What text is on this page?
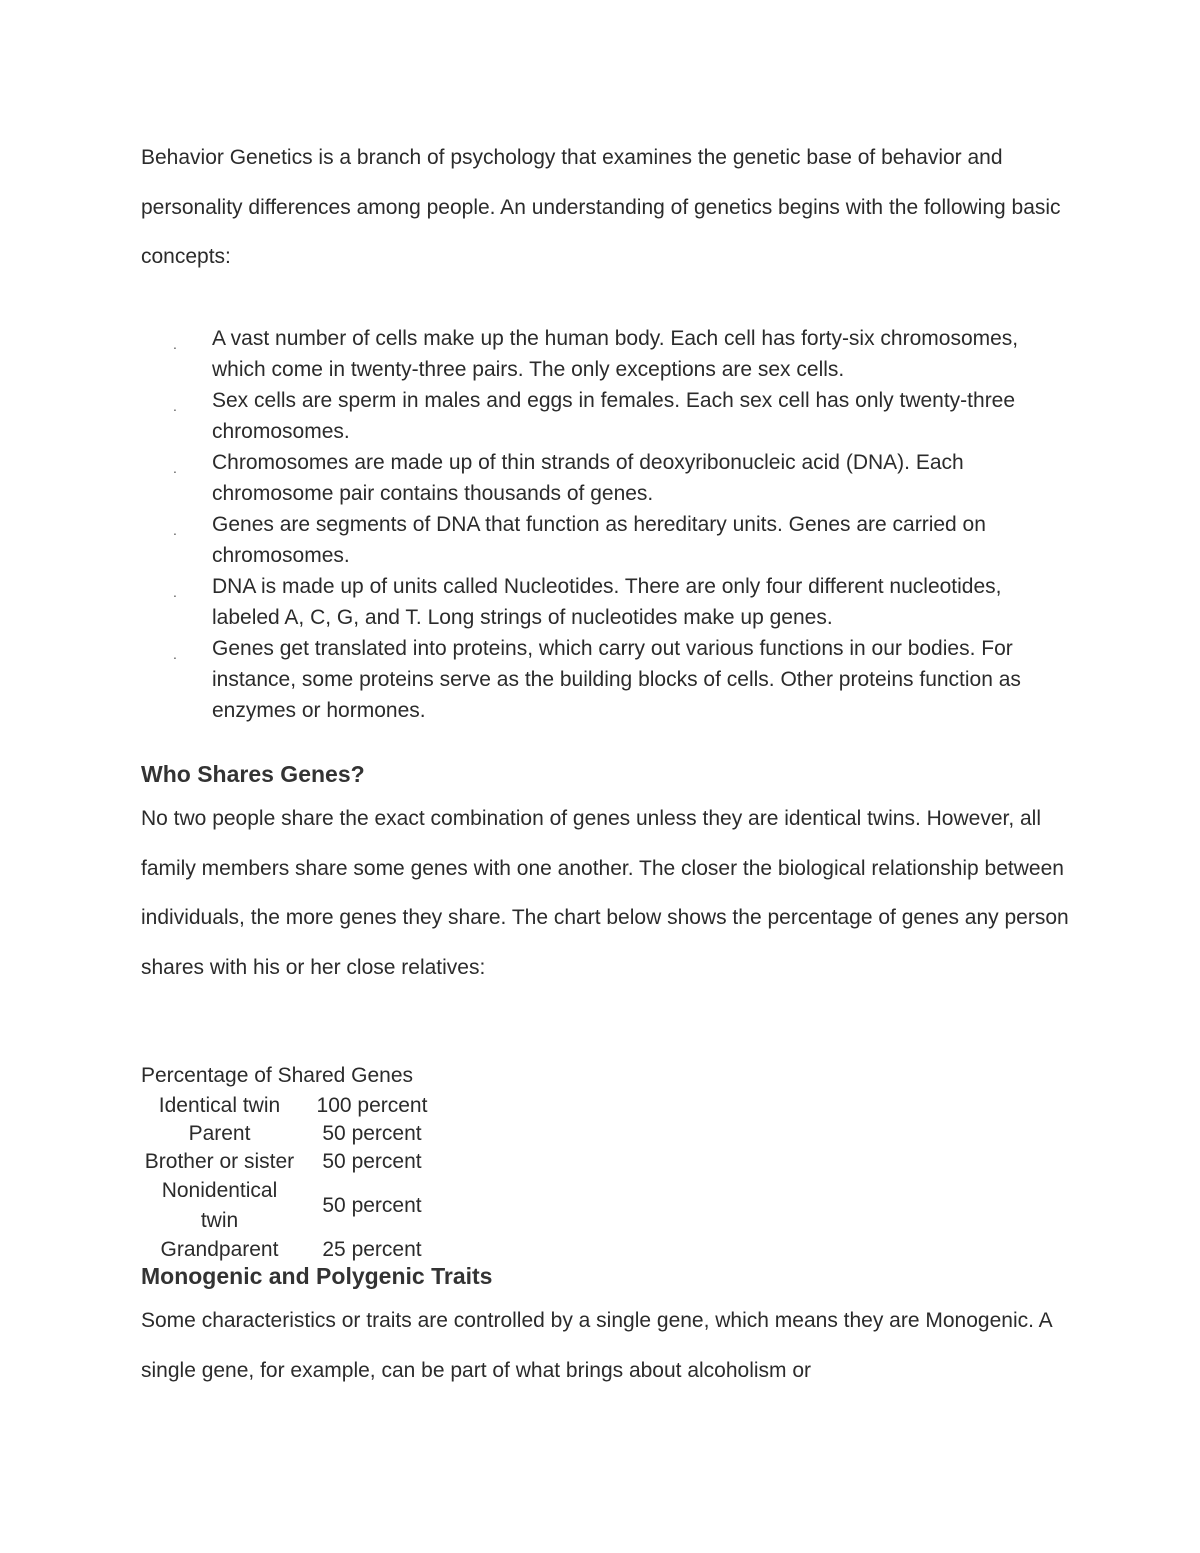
Behavior Genetics is a branch of psychology that examines the genetic base of behavior and personality differences among people. An understanding of genetics begins with the following basic concepts:

. A vast number of cells make up the human body. Each cell has forty-six chromosomes, which come in twenty-three pairs. The only exceptions are sex cells.
. Sex cells are sperm in males and eggs in females. Each sex cell has only twenty-three chromosomes.
. Chromosomes are made up of thin strands of deoxyribonucleic acid (DNA). Each chromosome pair contains thousands of genes.
. Genes are segments of DNA that function as hereditary units. Genes are carried on chromosomes.
. DNA is made up of units called Nucleotides. There are only four different nucleotides, labeled A, C, G, and T. Long strings of nucleotides make up genes.
. Genes get translated into proteins, which carry out various functions in our bodies. For instance, some proteins serve as the building blocks of cells. Other proteins function as enzymes or hormones.
Who Shares Genes?

No two people share the exact combination of genes unless they are identical twins. However, all family members share some genes with one another. The closer the biological relationship between individuals, the more genes they share. The chart below shows the percentage of genes any person shares with his or her close relatives:

Percentage of Shared Genes

Identical twin	100 percent
Parent	50 percent
Brother or sister	50 percent
Nonidentical twin	50 percent
Grandparent	25 percent
Monogenic and Polygenic Traits

Some characteristics or traits are controlled by a single gene, which means they are Monogenic. A single gene, for example, can be part of what brings about alcoholism or
